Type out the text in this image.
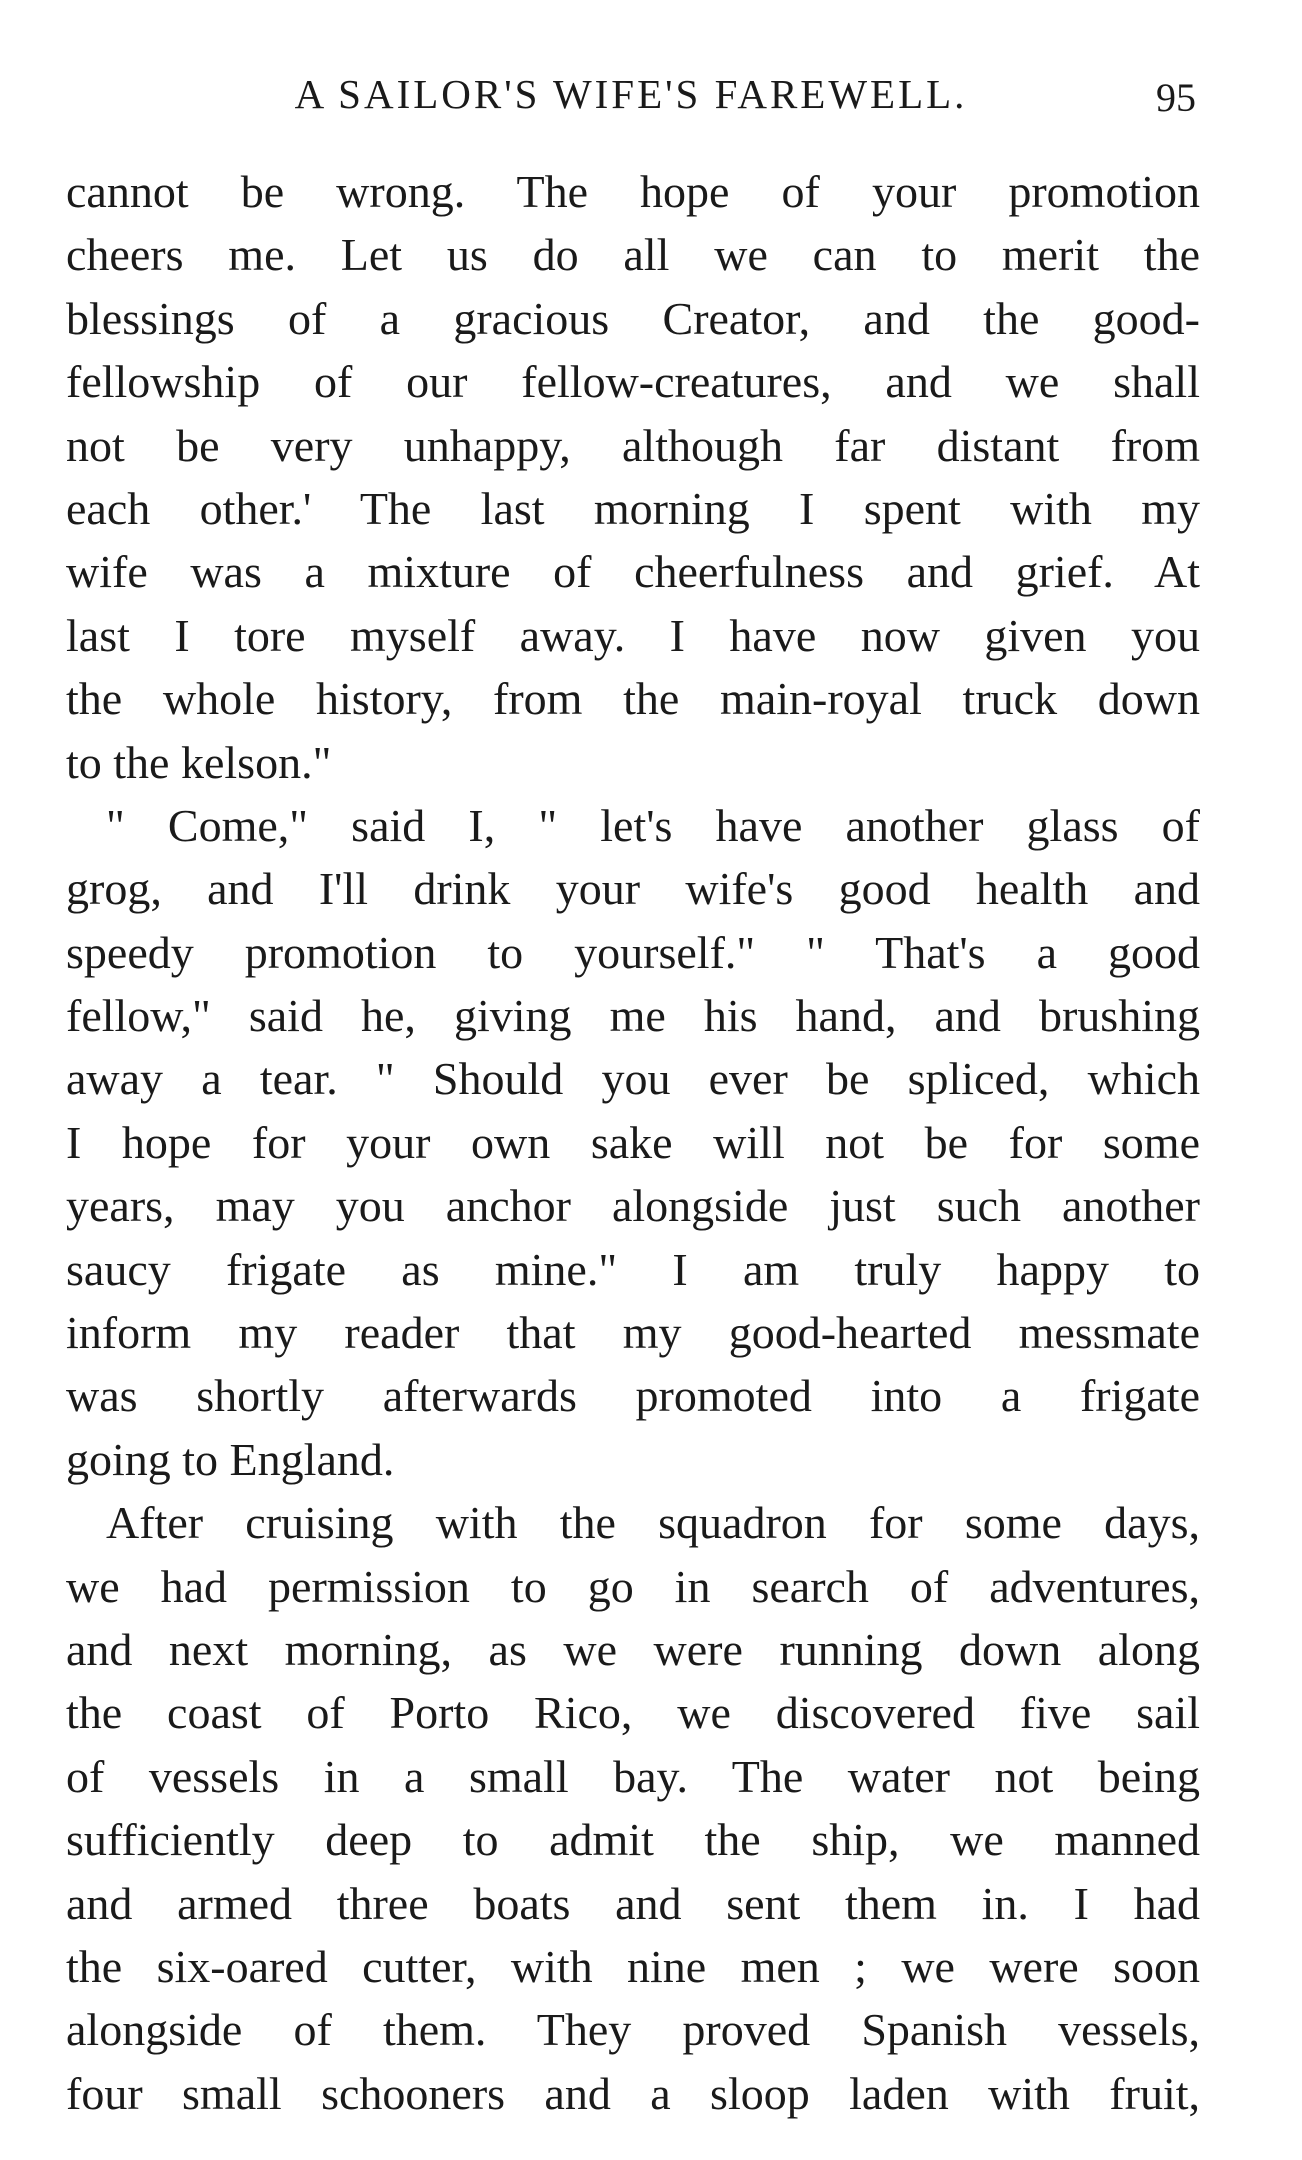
A SAILOR'S WIFE'S FAREWELL.	95
cannot be wrong. The hope of your promotion
cheers me. Let us do all we can to merit the
blessings of a gracious Creator, and the good-
fellowship of our fellow-creatures, and we shall
not be very unhappy, although far distant from
each other.' The last morning I spent with my
wife was a mixture of cheerfulness and grief. At
last I tore myself away. I have now given you
the whole history, from the main-royal truck down
to the kelson."
" Come," said I, " let's have another glass of
grog, and I'll drink your wife's good health and
speedy promotion to yourself." " That's a good
fellow," said he, giving me his hand, and brushing
away a tear. " Should you ever be spliced, which
I hope for your own sake will not be for some
years, may you anchor alongside just such another
saucy frigate as mine." I am truly happy to
inform my reader that my good-hearted messmate
was shortly afterwards promoted into a frigate
going to England.
After cruising with the squadron for some days,
we had permission to go in search of adventures,
and next morning, as we were running down along
the coast of Porto Rico, we discovered five sail
of vessels in a small bay. The water not being
sufficiently deep to admit the ship, we manned
and armed three boats and sent them in. I had
the six-oared cutter, with nine men ; we were soon
alongside of them. They proved Spanish vessels,
four small schooners and a sloop laden with fruit,
